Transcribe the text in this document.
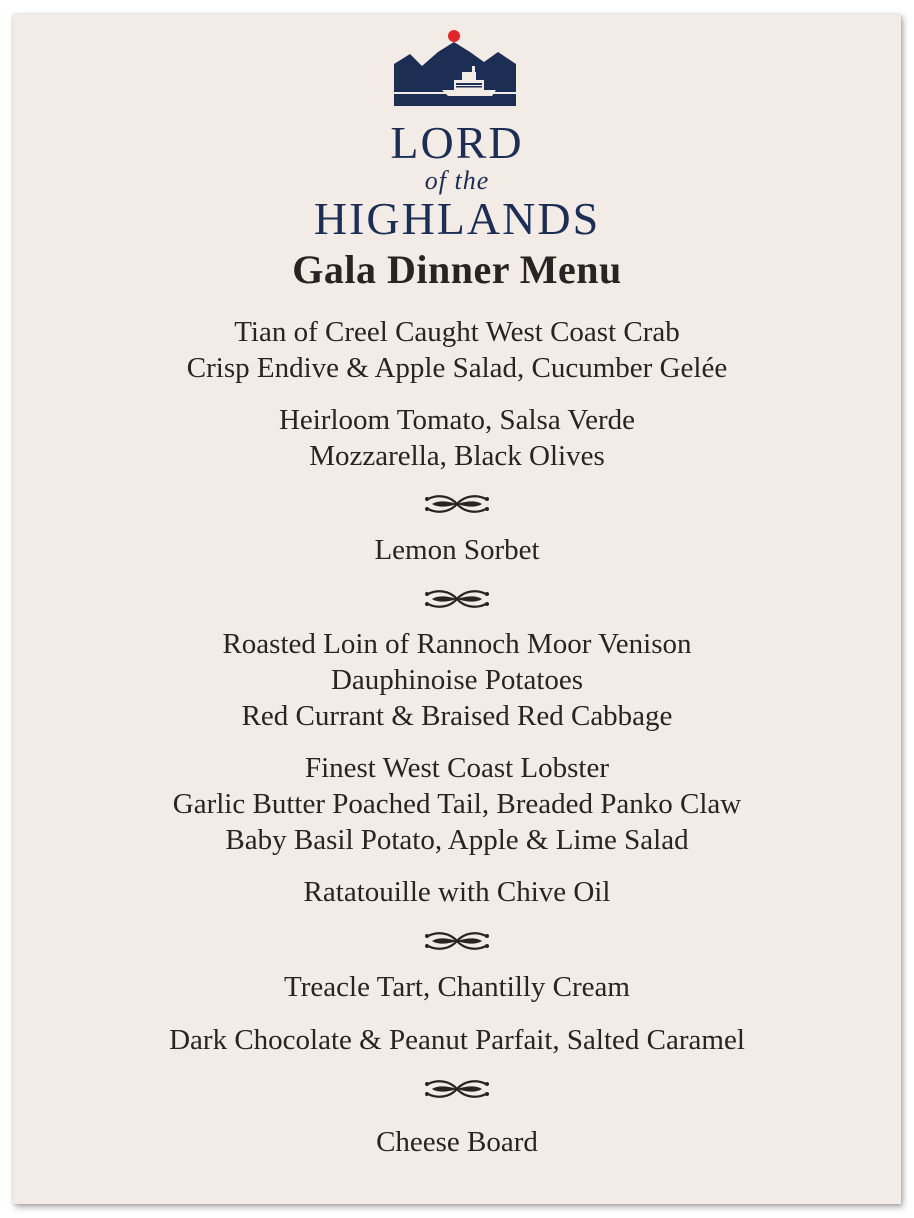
LORD
of the
HIGHLANDS
Gala Dinner Menu
Tian of Creel Caught West Coast Crab
Crisp Endive & Apple Salad, Cucumber Gelée
Heirloom Tomato, Salsa Verde
Mozzarella, Black Olives
Lemon Sorbet
Roasted Loin of Rannoch Moor Venison
Dauphinoise Potatoes
Red Currant & Braised Red Cabbage
Finest West Coast Lobster
Garlic Butter Poached Tail, Breaded Panko Claw
Baby Basil Potato, Apple & Lime Salad
Ratatouille with Chive Oil
Treacle Tart, Chantilly Cream
Dark Chocolate & Peanut Parfait, Salted Caramel
Cheese Board
